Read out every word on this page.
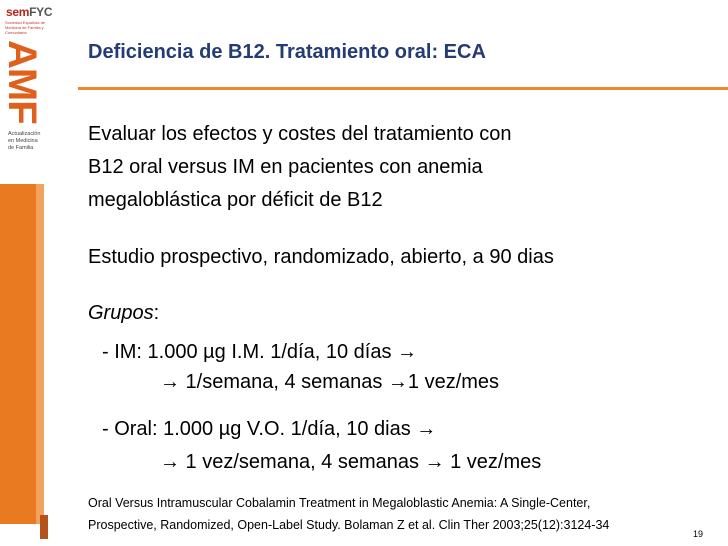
semFYC
Sociedad Española de Medicina de Familia y Comunitaria
AMF
Actualización
en Medicina
de Familia
Deficiencia de B12. Tratamiento oral: ECA
Evaluar los efectos y costes del tratamiento con
B12 oral versus IM en pacientes con anemia
megaloblástica por déficit de B12
Estudio prospectivo, randomizado, abierto, a 90 dias
Grupos:
- IM: 1.000 µg I.M. 1/día, 10 días →
→ 1/semana, 4 semanas →1 vez/mes
- Oral: 1.000 µg V.O. 1/día, 10 dias →
→ 1 vez/semana, 4 semanas → 1 vez/mes
Oral Versus Intramuscular Cobalamin Treatment in Megaloblastic Anemia: A Single-Center,
Prospective, Randomized, Open-Label Study. Bolaman Z et al. Clin Ther 2003;25(12):3124-34
19
